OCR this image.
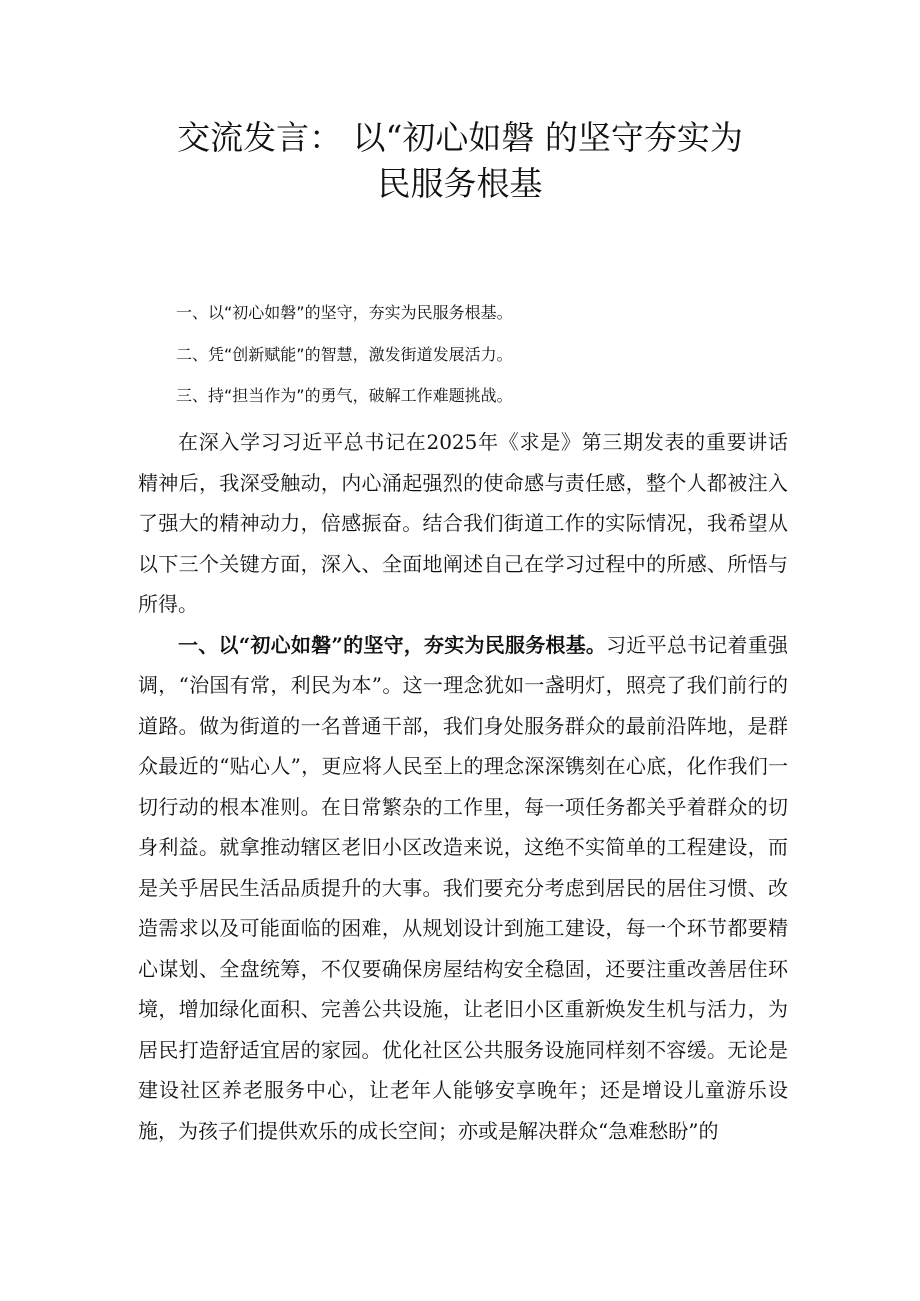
交流发言： 以“初心如磐 的坚守夯实为
民服务根基
一、以“初心如磐”的坚守，夯实为民服务根基。
二、凭“创新赋能”的智慧，激发街道发展活力。
三、持“担当作为”的勇气，破解工作难题挑战。

在深入学习习近平总书记在2025年《求是》第三期发表的重要讲话精神后，我深受触动，内心涌起强烈的使命感与责任感，整个人都被注入了强大的精神动力，倍感振奋。结合我们街道工作的实际情况，我希望从以下三个关键方面，深入、全面地阐述自己在学习过程中的所感、所悟与所得。

一、以“初心如磐”的坚守，夯实为民服务根基。习近平总书记着重强调，“治国有常，利民为本”。这一理念犹如一盏明灯，照亮了我们前行的道路。做为街道的一名普通干部，我们身处服务群众的最前沿阵地，是群众最近的“贴心人”，更应将人民至上的理念深深镌刻在心底，化作我们一切行动的根本准则。在日常繁杂的工作里，每一项任务都关乎着群众的切身利益。就拿推动辖区老旧小区改造来说，这绝不实简单的工程建设，而是关乎居民生活品质提升的大事。我们要充分考虑到居民的居住习惯、改造需求以及可能面临的困难，从规划设计到施工建设，每一个环节都要精心谋划、全盘统筹，不仅要确保房屋结构安全稳固，还要注重改善居住环境，增加绿化面积、完善公共设施，让老旧小区重新焕发生机与活力，为居民打造舒适宜居的家园。优化社区公共服务设施同样刻不容缓。无论是建设社区养老服务中心，让老年人能够安享晚年；还是增设儿童游乐设施，为孩子们提供欢乐的成长空间；亦或是解决群众“急难愁盼”的
